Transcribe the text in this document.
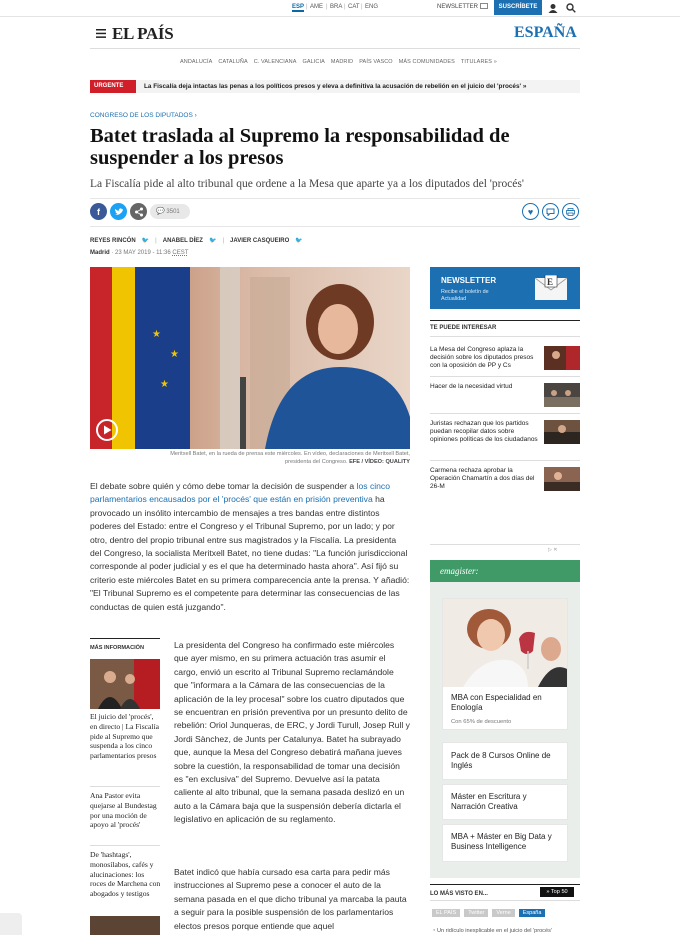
ESP | AME | BRA | CAT | ENG	NEWSLETTER	SUSCRÍBETE
EL PAÍS	ESPAÑA
ANDALUCÍA CATALUÑA C. VALENCIANA GALICIA MADRID PAÍS VASCO MÁS COMUNIDADES TITULARES »
URGENTE	La Fiscalía deja intactas las penas a los políticos presos y eleva a definitiva la acusación de rebelión en el juicio del 'procés' »
CONGRESO DE LOS DIPUTADOS ›
Batet traslada al Supremo la responsabilidad de suspender a los presos
La Fiscalía pide al alto tribunal que ordene a la Mesa que aparte ya a los diputados del 'procés'
f	💬 3501	♥
REYES RINCÓN 🐦 | ANABEL DÍEZ 🐦 | JAVIER CASQUEIRO 🐦
Madrid · 23 MAY 2019 - 11:36 CEST
★
★
★
Meritxell Batet, en la rueda de prensa este miércoles. En vídeo, declaraciones de Meritxell Batet,
presidenta del Congreso. EFE / VÍDEO: QUALITY

El debate sobre quién y cómo debe tomar la decisión de suspender a los cinco parlamentarios encausados por el 'procés' que están en prisión preventiva ha provocado un insólito intercambio de mensajes a tres bandas entre distintos poderes del Estado: entre el Congreso y el Tribunal Supremo, por un lado; y por otro, dentro del propio tribunal entre sus magistrados y la Fiscalía. La presidenta del Congreso, la socialista Meritxell Batet, no tiene dudas: "La función jurisdiccional corresponde al poder judicial y es el que ha determinado hasta ahora". Así fijó su criterio este miércoles Batet en su primera comparecencia ante la prensa. Y añadió: "El Tribunal Supremo es el competente para determinar las consecuencias de las conductas de quien está juzgando".

MÁS INFORMACIÓN
El juicio del 'procés', en directo | La Fiscalía pide al Supremo que suspenda a los cinco parlamentarios presos
Ana Pastor evita quejarse al Bundestag por una moción de apoyo al 'procés'
De 'hashtags', monosílabos, cafés y alucinaciones: los roces de Marchena con abogados y testigos

La presidenta del Congreso ha confirmado este miércoles que ayer mismo, en su primera actuación tras asumir el cargo, envió un escrito al Tribunal Supremo reclamándole que "informara a la Cámara de las consecuencias de la aplicación de la ley procesal" sobre los cuatro diputados que se encuentran en prisión preventiva por un presunto delito de rebelión: Oriol Junqueras, de ERC, y Jordi Turull, Josep Rull y Jordi Sànchez, de Junts per Catalunya. Batet ha subrayado que, aunque la Mesa del Congreso debatirá mañana jueves sobre la cuestión, la responsabilidad de tomar una decisión es "en exclusiva" del Supremo. Devuelve así la patata caliente al alto tribunal, que la semana pasada deslizó en un auto a la Cámara baja que la suspensión debería dictarla el legislativo en aplicación de su reglamento.

Batet indicó que había cursado esa carta para pedir más instrucciones al Supremo pese a conocer el auto de la semana pasada en el que dicho tribunal ya marcaba la pauta a seguir para la posible suspensión de los parlamentarios electos presos porque entiende que aquel

NEWSLETTER
Recibe el boletín de Actualidad
E
TE PUEDE INTERESAR
La Mesa del Congreso aplaza la decisión sobre los diputados presos con la oposición de PP y Cs
Hacer de la necesidad virtud
Juristas rechazan que los partidos puedan recopilar datos sobre opiniones políticas de los ciudadanos
Carmena rechaza aprobar la Operación Chamartín a dos días del 26-M
▷ ✕
emagister:
MBA con Especialidad en Enología
Con 65% de descuento
Pack de 8 Cursos Online de Inglés
Máster en Escritura y Narración Creativa
MBA + Máster en Big Data y Business Intelligence
LO MÁS VISTO EN...	» Top 50
EL PAÍS	Twitter	Verne	España
◔ Un ridículo inexplicable en el juicio del 'procés'
